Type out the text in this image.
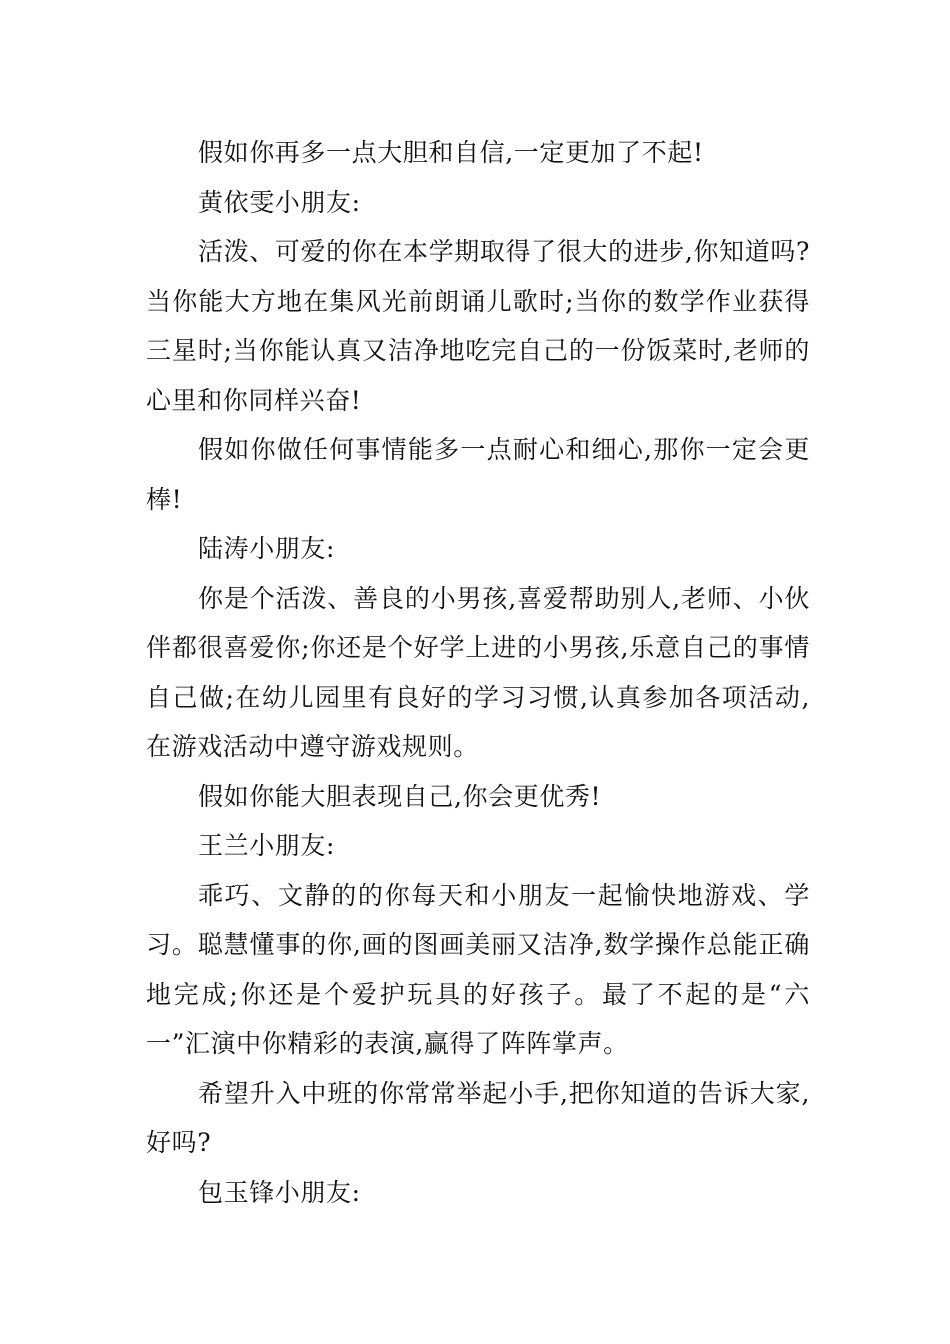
假如你再多一点大胆和自信,一定更加了不起!

黄依雯小朋友:

活泼、可爱的你在本学期取得了很大的进步,你知道吗?当你能大方地在集风光前朗诵儿歌时;当你的数学作业获得三星时;当你能认真又洁净地吃完自己的一份饭菜时,老师的心里和你同样兴奋!

假如你做任何事情能多一点耐心和细心,那你一定会更棒!

陆涛小朋友:

你是个活泼、善良的小男孩,喜爱帮助别人,老师、小伙伴都很喜爱你;你还是个好学上进的小男孩,乐意自己的事情自己做;在幼儿园里有良好的学习习惯,认真参加各项活动,在游戏活动中遵守游戏规则。

假如你能大胆表现自己,你会更优秀!

王兰小朋友:

乖巧、文静的的你每天和小朋友一起愉快地游戏、学习。聪慧懂事的你,画的图画美丽又洁净,数学操作总能正确地完成;你还是个爱护玩具的好孩子。最了不起的是“六一”汇演中你精彩的表演,赢得了阵阵掌声。

希望升入中班的你常常举起小手,把你知道的告诉大家,好吗?

包玉锋小朋友:
